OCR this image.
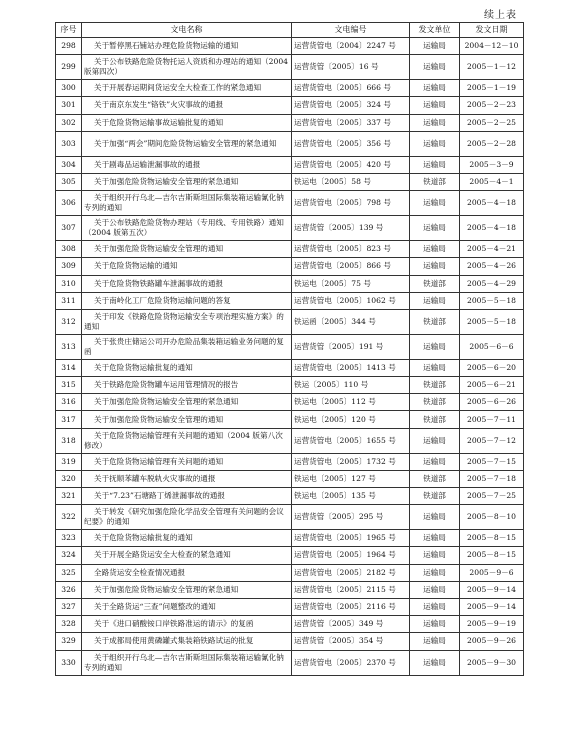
续上表
序号	文电名称	文电编号	发文单位	发文日期
298	关于暂停黑石铺站办理危险货物运输的通知	运营货管电〔2004〕2247 号	运输局	2004－12－10
299	关于公布铁路危险货物托运人资质和办理站的通知（2004 版第四次）	运营货管〔2005〕16 号	运输局	2005－1－12
300	关于开展春运期间货运安全大检查工作的紧急通知	运营货管电〔2005〕666 号	运输局	2005－1－19
301	关于南京东发生“铬铁”火灾事故的通报	运营货管电〔2005〕324 号	运输局	2005－2－23
302	关于危险货物运输事故运输批复的通知	运营货管电〔2005〕337 号	运输局	2005－2－25
303	关于加强“两会”期间危险货物运输安全管理的紧急通知	运营货管电〔2005〕356 号	运输局	2005－2－28
304	关于剧毒品运输泄漏事故的通报	运营货管电〔2005〕420 号	运输局	2005－3－9
305	关于加强危险货物运输安全管理的紧急通知	铁运电〔2005〕58 号	铁道部	2005－4－1
306	关于组织开行乌北—吉尔吉斯斯坦国际集装箱运输氰化钠专列的通知	运营货管电〔2005〕798 号	运输局	2005－4－18
307	关于公布铁路危险货物办理站（专用线、专用铁路）通知（2004 版第五次）	运营货管〔2005〕139 号	运输局	2005－4－18
308	关于加强危险货物运输安全管理的通知	运营货管电〔2005〕823 号	运输局	2005－4－21
309	关于危险货物运输的通知	运营货管电〔2005〕866 号	运输局	2005－4－26
310	关于危险货物铁路罐车泄漏事故的通报	铁运电〔2005〕75 号	铁道部	2005－4－29
311	关于南岭化工厂危险货物运输问题的答复	运营货管电〔2005〕1062 号	运输局	2005－5－18
312	关于印发《铁路危险货物运输安全专项治理实施方案》的通知	铁运函〔2005〕344 号	铁道部	2005－5－18
313	关于张贵庄储运公司开办危险品集装箱运输业务问题的复函	运营货管〔2005〕191 号	运输局	2005－6－6
314	关于危险货物运输批复的通知	运营货管电〔2005〕1413 号	运输局	2005－6－20
315	关于铁路危险货物罐车运用管理情况的报告	铁运〔2005〕110 号	铁道部	2005－6－21
316	关于加强危险货物运输安全管理的紧急通知	铁运电〔2005〕112 号	铁道部	2005－6－26
317	关于加强危险货物运输安全管理的通知	铁运电〔2005〕120 号	铁道部	2005－7－11
318	关于危险货物运输管理有关问题的通知（2004 版第八次修改）	运营货管电〔2005〕1655 号	运输局	2005－7－12
319	关于危险货物运输管理有关问题的通知	运营货管电〔2005〕1732 号	运输局	2005－7－15
320	关于抚顺苯罐车脱轨火灾事故的通报	铁运电〔2005〕127 号	铁道部	2005－7－18
321	关于“7.23”石塘路丁烯泄漏事故的通报	铁运电〔2005〕135 号	铁道部	2005－7－25
322	关于转发《研究加强危险化学品安全管理有关问题的会议纪要》的通知	运营货管〔2005〕295 号	运输局	2005－8－10
323	关于危险货物运输批复的通知	运营货管电〔2005〕1965 号	运输局	2005－8－15
324	关于开展全路货运安全大检查的紧急通知	运营货管电〔2005〕1964 号	运输局	2005－8－15
325	全路货运安全检查情况通报	运营货管电〔2005〕2182 号	运输局	2005－9－6
326	关于加强危险货物运输安全管理的紧急通知	运营货管电〔2005〕2115 号	运输局	2005－9－14
327	关于全路货运“三查”问题整改的通知	运营货管电〔2005〕2116 号	运输局	2005－9－14
328	关于《进口硝酸铵口岸铁路准运的请示》的复函	运营货管〔2005〕349 号	运输局	2005－9－19
329	关于成都局使用黄磷罐式集装箱铁路试运的批复	运营货管〔2005〕354 号	运输局	2005－9－26
330	关于组织开行乌北—吉尔吉斯斯坦国际集装箱运输氰化钠专列的通知	运营货管电〔2005〕2370 号	运输局	2005－9－30
